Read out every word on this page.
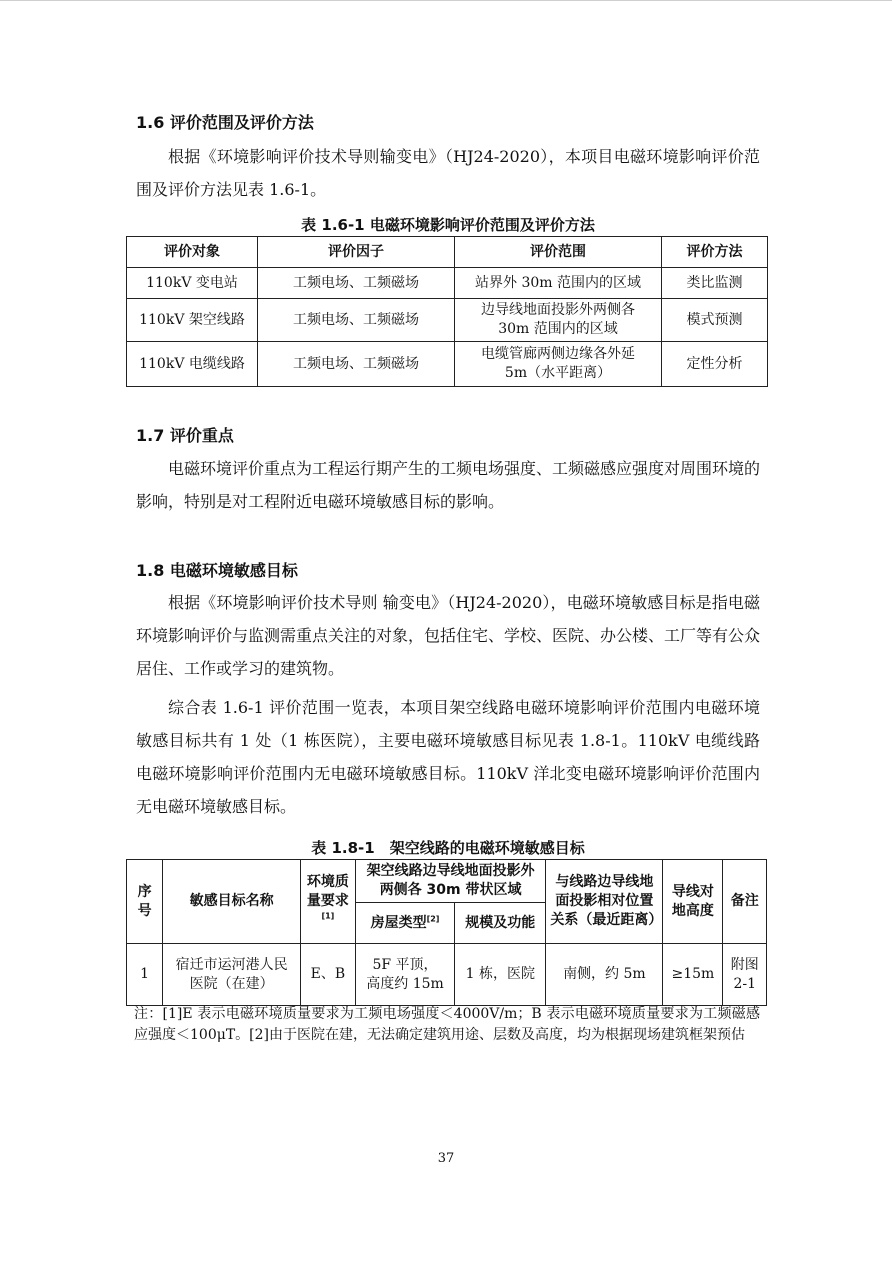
1.6 评价范围及评价方法

根据《环境影响评价技术导则输变电》（HJ24-2020），本项目电磁环境影响评价范围及评价方法见表 1.6-1。

表 1.6-1 电磁环境影响评价范围及评价方法

评价对象	评价因子	评价范围	评价方法
110kV 变电站	工频电场、工频磁场	站界外 30m 范围内的区域	类比监测
110kV 架空线路	工频电场、工频磁场	边导线地面投影外两侧各 30m 范围内的区域	模式预测
110kV 电缆线路	工频电场、工频磁场	电缆管廊两侧边缘各外延 5m（水平距离）	定性分析
1.7 评价重点

电磁环境评价重点为工程运行期产生的工频电场强度、工频磁感应强度对周围环境的影响，特别是对工程附近电磁环境敏感目标的影响。

1.8 电磁环境敏感目标

根据《环境影响评价技术导则 输变电》（HJ24-2020），电磁环境敏感目标是指电磁环境影响评价与监测需重点关注的对象，包括住宅、学校、医院、办公楼、工厂等有公众居住、工作或学习的建筑物。

综合表 1.6-1 评价范围一览表，本项目架空线路电磁环境影响评价范围内电磁环境敏感目标共有 1 处（1 栋医院），主要电磁环境敏感目标见表 1.8-1。110kV 电缆线路电磁环境影响评价范围内无电磁环境敏感目标。110kV 洋北变电磁环境影响评价范围内无电磁环境敏感目标。

表 1.8-1　架空线路的电磁环境敏感目标

序号	敏感目标名称	环境质量要求[1]	架空线路边导线地面投影外两侧各 30m 带状区域		与线路边导线地面投影相对位置关系（最近距离）	导线对地高度	备注
			房屋类型[2]	规模及功能			
1	宿迁市运河港人民医院（在建）	E、B	5F 平顶，高度约 15m	1 栋，医院	南侧，约 5m	≥15m	附图 2-1

注：[1]E 表示电磁环境质量要求为工频电场强度＜4000V/m；B 表示电磁环境质量要求为工频磁感应强度＜100μT。[2]由于医院在建，无法确定建筑用途、层数及高度，均为根据现场建筑框架预估

37
